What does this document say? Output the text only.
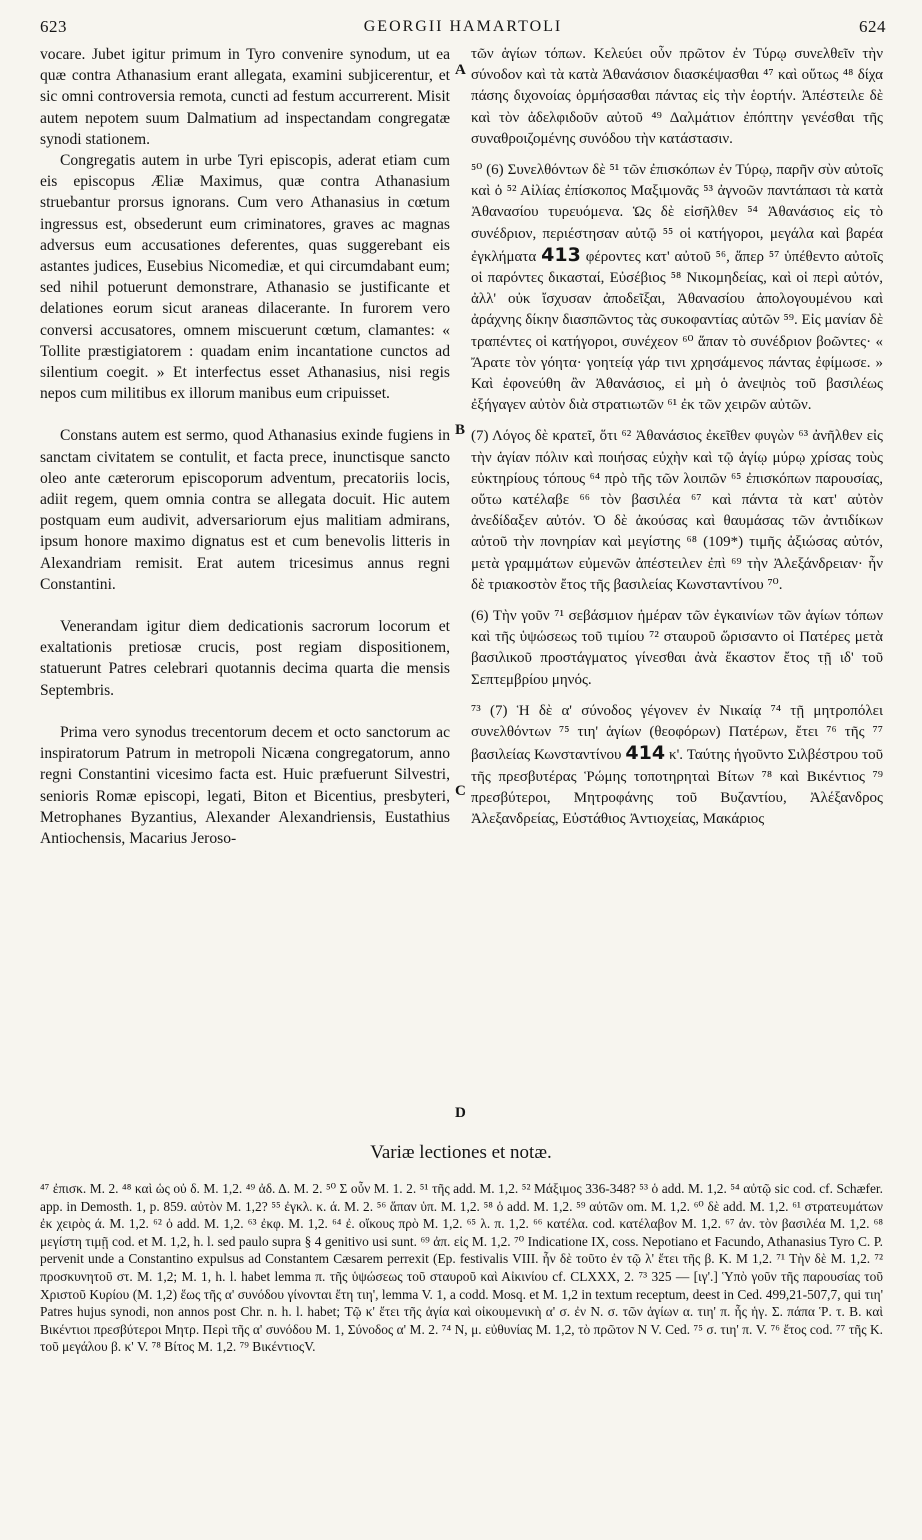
623	GEORGII HAMARTOLI	624

vocare. Jubet igitur primum in Tyro convenire synodum, ut ea quæ contra Athanasium erant allegata, examini subjicerentur, et sic omni controversia remota, cuncti ad festum accurrerent. Misit autem nepotem suum Dalmatium ad inspectandam congregatæ synodi stationem.

Congregatis autem in urbe Tyri episcopis, aderat etiam cum eis episcopus Æliæ Maximus, quæ contra Athanasium struebantur prorsus ignorans. Cum vero Athanasius in cœtum ingressus est, obsederunt eum criminatores, graves ac magnas adversus eum accusationes deferentes, quas suggerebant eis astantes judices, Eusebius Nicomediæ, et qui circumdabant eum; sed nihil potuerunt demonstrare, Athanasio se justificante et delationes eorum sicut araneas dilacerante. In furorem vero conversi accusatores, omnem miscuerunt cœtum, clamantes: « Tollite præstigiatorem : quadam enim incantatione cunctos ad silentium coegit. » Et interfectus esset Athanasius, nisi regis nepos cum militibus ex illorum manibus eum cripuisset.

Constans autem est sermo, quod Athanasius exinde fugiens in sanctam civitatem se contulit, et facta prece, inunctisque sancto oleo ante cæterorum episcoporum adventum, precatoriis locis, adiit regem, quem omnia contra se allegata docuit. Hic autem postquam eum audivit, adversariorum ejus malitiam admirans, ipsum honore maximo dignatus est et cum benevolis litteris in Alexandriam remisit. Erat autem tricesimus annus regni Constantini.

Venerandam igitur diem dedicationis sacrorum locorum et exaltationis pretiosæ crucis, post regiam dispositionem, statuerunt Patres celebrari quotannis decima quarta die mensis Septembris.

Prima vero synodus trecentorum decem et octo sanctorum ac inspiratorum Patrum in metropoli Nicæna congregatorum, anno regni Constantini vicesimo facta est. Huic præfuerunt Silvestri, senioris Romæ episcopi, legati, Biton et Bicentius, presbyteri, Metrophanes Byzantius, Alexander Alexandriensis, Eustathius Antiochensis, Macarius Jeroso-

A
B
C
D

τῶν ἁγίων τόπων. Κελεύει οὖν πρῶτον ἐν Τύρῳ συνελθεῖν τὴν σύνοδον καὶ τὰ κατὰ Ἀθανάσιον διασκέψασθαι ⁴⁷ καὶ οὕτως ⁴⁸ δίχα πάσης διχονοίας ὁρμήσασθαι πάντας εἰς τὴν ἑορτήν. Ἀπέστειλε δὲ καὶ τὸν ἀδελφιδοῦν αὐτοῦ ⁴⁹ Δαλμάτιον ἐπόπτην γενέσθαι τῆς συναθροιζομένης συνόδου τὴν κατάστασιν.

⁵⁰ (6) Συνελθόντων δὲ ⁵¹ τῶν ἐπισκόπων ἐν Τύρῳ, παρῆν σὺν αὐτοῖς καὶ ὁ ⁵² Αἰλίας ἐπίσκοπος Μαξιμονᾶς ⁵³ ἀγνοῶν παντάπασι τὰ κατὰ Ἀθανασίου τυρευόμενα. Ὡς δὲ εἰσῆλθεν ⁵⁴ Ἀθανάσιος εἰς τὸ συνέδριον, περιέστησαν αὐτῷ ⁵⁵ οἱ κατήγοροι, μεγάλα καὶ βαρέα ἐγκλήματα 413 φέροντες κατ' αὐτοῦ ⁵⁶, ἅπερ ⁵⁷ ὑπέθεντο αὐτοῖς οἱ παρόντες δικασταί, Εὐσέβιος ⁵⁸ Νικομηδείας, καὶ οἱ περὶ αὐτόν, ἀλλ' οὐκ ἴσχυσαν ἀποδεῖξαι, Ἀθανασίου ἀπολογουμένου καὶ ἀράχνης δίκην διασπῶντος τὰς συκοφαντίας αὐτῶν ⁵⁹. Εἰς μανίαν δὲ τραπέντες οἱ κατήγοροι, συνέχεον ⁶⁰ ἅπαν τὸ συνέδριον βοῶντες· « Ἄρατε τὸν γόητα· γοητείᾳ γάρ τινι χρησάμενος πάντας ἐφίμωσε. » Καὶ ἐφονεύθη ἂν Ἀθανάσιος, εἰ μὴ ὁ ἀνεψιὸς τοῦ βασιλέως ἐξήγαγεν αὐτὸν διὰ στρατιωτῶν ⁶¹ ἐκ τῶν χειρῶν αὐτῶν.

(7) Λόγος δὲ κρατεῖ, ὅτι ⁶² Ἀθανάσιος ἐκεῖθεν φυγὼν ⁶³ ἀνῆλθεν εἰς τὴν ἁγίαν πόλιν καὶ ποιήσας εὐχὴν καὶ τῷ ἁγίῳ μύρῳ χρίσας τοὺς εὐκτηρίους τόπους ⁶⁴ πρὸ τῆς τῶν λοιπῶν ⁶⁵ ἐπισκόπων παρουσίας, οὕτω κατέλαβε ⁶⁶ τὸν βασιλέα ⁶⁷ καὶ πάντα τὰ κατ' αὐτὸν ἀνεδίδαξεν αὐτόν. Ὁ δὲ ἀκούσας καὶ θαυμάσας τῶν ἀντιδίκων αὐτοῦ τὴν πονηρίαν καὶ μεγίστης ⁶⁸ (109*) τιμῆς ἀξιώσας αὐτόν, μετὰ γραμμάτων εὐμενῶν ἀπέστειλεν ἐπὶ ⁶⁹ τὴν Ἀλεξάνδρειαν· ἦν δὲ τριακοστὸν ἔτος τῆς βασιλείας Κωνσταντίνου ⁷⁰.

(6) Τὴν γοῦν ⁷¹ σεβάσμιον ἡμέραν τῶν ἐγκαινίων τῶν ἁγίων τόπων καὶ τῆς ὑψώσεως τοῦ τιμίου ⁷² σταυροῦ ὥρισαντο οἱ Πατέρες μετὰ βασιλικοῦ προστάγματος γίνεσθαι ἀνὰ ἕκαστον ἔτος τῇ ιδ' τοῦ Σεπτεμβρίου μηνός.

⁷³ (7) Ἡ δὲ α' σύνοδος γέγονεν ἐν Νικαίᾳ ⁷⁴ τῇ μητροπόλει συνελθόντων ⁷⁵ τιη' ἁγίων (θεοφόρων) Πατέρων, ἔτει ⁷⁶ τῆς ⁷⁷ βασιλείας Κωνσταντίνου 414 κ'. Ταύτης ἡγοῦντο Σιλβέστρου τοῦ τῆς πρεσβυτέρας Ῥώμης τοποτηρηταὶ Βίτων ⁷⁸ καὶ Βικέντιος ⁷⁹ πρεσβύτεροι, Μητροφάνης τοῦ Βυζαντίου, Ἀλέξανδρος Ἀλεξανδρείας, Εὐστάθιος Ἀντιοχείας, Μακάριος

Variæ lectiones et notæ.

⁴⁷ ἐπισκ. M. 2. ⁴⁸ καὶ ὡς οὐ δ. M. 1,2. ⁴⁹ ἀδ. Δ. M. 2. ⁵⁰ Σ οὖν M. 1. 2. ⁵¹ τῆς add. M. 1,2. ⁵² Μάξιμος 336-348? ⁵³ ὁ add. M. 1,2. ⁵⁴ αὐτῷ sic cod. cf. Schæfer. app. in Demosth. 1, p. 859. αὐτὸν M. 1,2? ⁵⁵ ἐγκλ. κ. ά. M. 2. ⁵⁶ ἅπαν ὑπ. M. 1,2. ⁵⁸ ὁ add. M. 1,2. ⁵⁹ αὐτῶν om. M. 1,2. ⁶⁰ δὲ add. M. 1,2. ⁶¹ στρατευμάτων ἐκ χειρὸς ά. M. 1,2. ⁶² ὁ add. M. 1,2. ⁶³ ἐκφ. M. 1,2. ⁶⁴ ἐ. οἴκους πρὸ M. 1,2. ⁶⁵ λ. π. 1,2. ⁶⁶ κατέλα. cod. κατέλαβον M. 1,2. ⁶⁷ ἀν. τὸν βασιλέα M. 1,2. ⁶⁸ μεγίστη τιμῇ cod. et M. 1,2, h. l. sed paulo supra § 4 genitivo usi sunt. ⁶⁹ ἀπ. εἰς M. 1,2. ⁷⁰ Indicatione IX, coss. Nepotiano et Facundo, Athanasius Tyro C. P. pervenit unde a Constantino expulsus ad Constantem Cæsarem perrexit (Ep. festivalis VIII. ἦν δὲ τοῦτο ἐν τῷ λ' ἔτει τῆς β. K. M 1,2. ⁷¹ Τὴν δὲ M. 1,2. ⁷² προσκυνητοῦ στ. M. 1,2; M. 1, h. l. habet lemma π. τῆς ὑψώσεως τοῦ σταυροῦ καὶ Αἰκινίου cf. CLXXX, 2. ⁷³ 325 — [ιγ'.] Ὑπὸ γοῦν τῆς παρουσίας τοῦ Χριστοῦ Κυρίου (M. 1,2) ἕως τῆς α' συνόδου γίνονται ἔτη τιη', lemma V. 1, a codd. Mosq. et M. 1,2 in textum receptum, deest in Ced. 499,21-507,7, qui τιη' Patres hujus synodi, non annos post Chr. n. h. l. habet; Τῷ κ' ἔτει τῆς ἁγία καὶ οἰκουμενικὴ α' σ. ἐν N. σ. τῶν ἁγίων α. τιη' π. ἧς ἡγ. Σ. πάπα Ῥ. τ. B. καὶ Βικέντιοι πρεσβύτεροι Μητρ. Περὶ τῆς α' συνόδου M. 1, Σύνοδος α' M. 2. ⁷⁴ N, μ. εὐθυνίας M. 1,2, τὸ πρῶτον N V. Ced. ⁷⁵ σ. τιη' π. V. ⁷⁶ ἔτος cod. ⁷⁷ τῆς K. τοῦ μεγάλου β. κ' V. ⁷⁸ Βίτος M. 1,2. ⁷⁹ ΒικέντιοςV.
